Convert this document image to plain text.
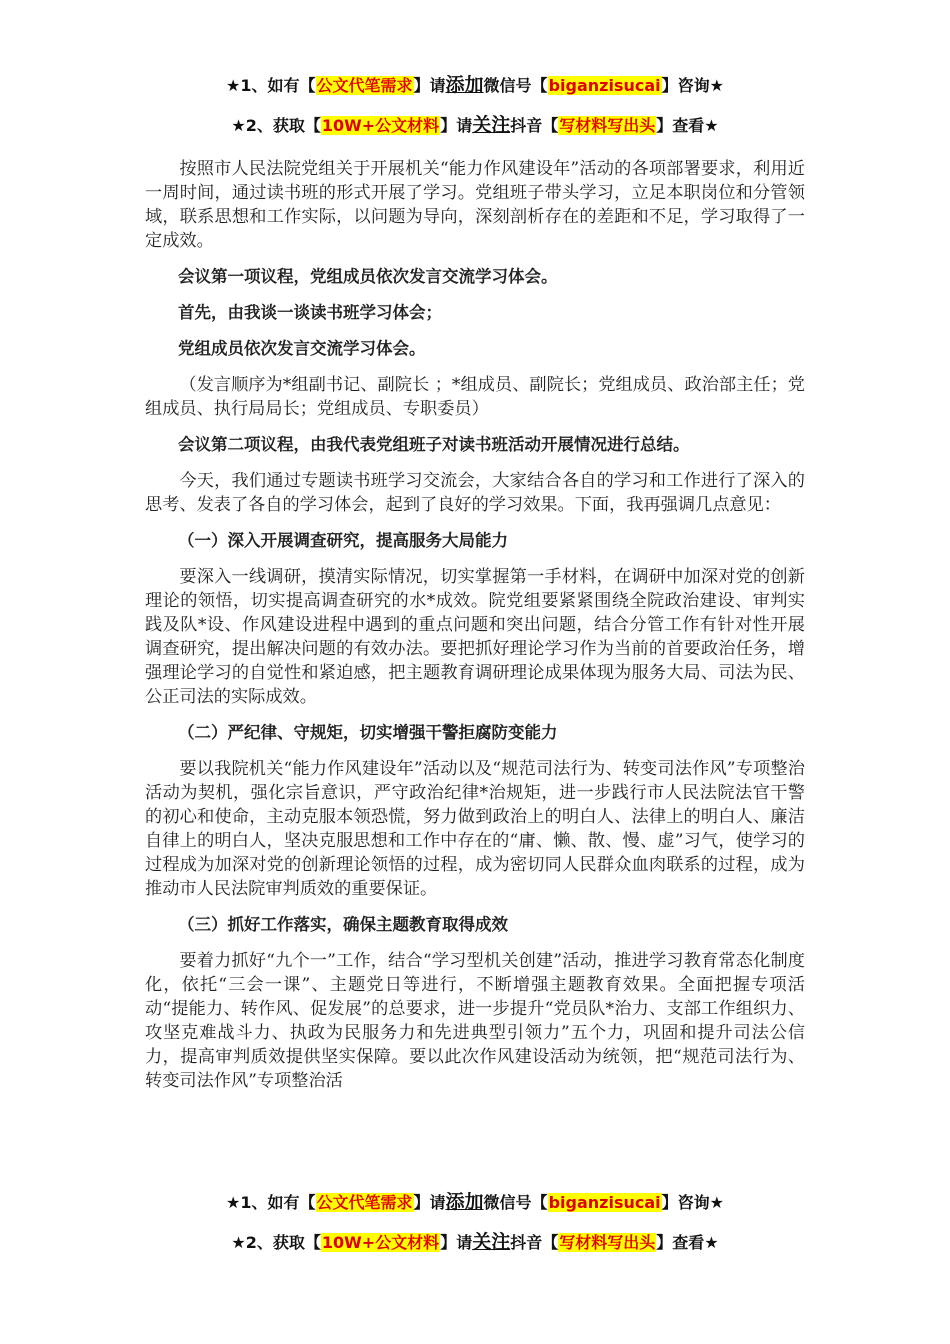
★1、如有【公文代笔需求】请添加微信号【biganzisucai】咨询★
★2、获取【10W+公文材料】请关注抖音【写材料写出头】查看★

按照市人民法院党组关于开展机关“能力作风建设年”活动的各项部署要求，利用近一周时间，通过读书班的形式开展了学习。党组班子带头学习，立足本职岗位和分管领域，联系思想和工作实际，以问题为导向，深刻剖析存在的差距和不足，学习取得了一定成效。

会议第一项议程，党组成员依次发言交流学习体会。

首先，由我谈一谈读书班学习体会；

党组成员依次发言交流学习体会。

（发言顺序为*组副书记、副院长 ；*组成员、副院长；党组成员、政治部主任；党组成员、执行局局长；党组成员、专职委员）

会议第二项议程，由我代表党组班子对读书班活动开展情况进行总结。

今天，我们通过专题读书班学习交流会，大家结合各自的学习和工作进行了深入的思考、发表了各自的学习体会，起到了良好的学习效果。下面，我再强调几点意见：

（一）深入开展调查研究，提高服务大局能力

要深入一线调研，摸清实际情况，切实掌握第一手材料，在调研中加深对党的创新理论的领悟，切实提高调查研究的水*成效。院党组要紧紧围绕全院政治建设、审判实践及队*设、作风建设进程中遇到的重点问题和突出问题，结合分管工作有针对性开展调查研究，提出解决问题的有效办法。要把抓好理论学习作为当前的首要政治任务，增强理论学习的自觉性和紧迫感，把主题教育调研理论成果体现为服务大局、司法为民、公正司法的实际成效。

（二）严纪律、守规矩，切实增强干警拒腐防变能力

要以我院机关“能力作风建设年”活动以及“规范司法行为、转变司法作风”专项整治活动为契机，强化宗旨意识，严守政治纪律*治规矩，进一步践行市人民法院法官干警的初心和使命，主动克服本领恐慌，努力做到政治上的明白人、法律上的明白人、廉洁自律上的明白人，坚决克服思想和工作中存在的“庸、懒、散、慢、虚”习气，使学习的过程成为加深对党的创新理论领悟的过程，成为密切同人民群众血肉联系的过程，成为推动市人民法院审判质效的重要保证。

（三）抓好工作落实，确保主题教育取得成效

要着力抓好“九个一”工作，结合“学习型机关创建”活动，推进学习教育常态化制度化，依托“三会一课”、主题党日等进行，不断增强主题教育效果。全面把握专项活动“提能力、转作风、促发展”的总要求，进一步提升“党员队*治力、支部工作组织力、攻坚克难战斗力、执政为民服务力和先进典型引领力”五个力，巩固和提升司法公信力，提高审判质效提供坚实保障。要以此次作风建设活动为统领，把“规范司法行为、转变司法作风”专项整治活

★1、如有【公文代笔需求】请添加微信号【biganzisucai】咨询★
★2、获取【10W+公文材料】请关注抖音【写材料写出头】查看★
